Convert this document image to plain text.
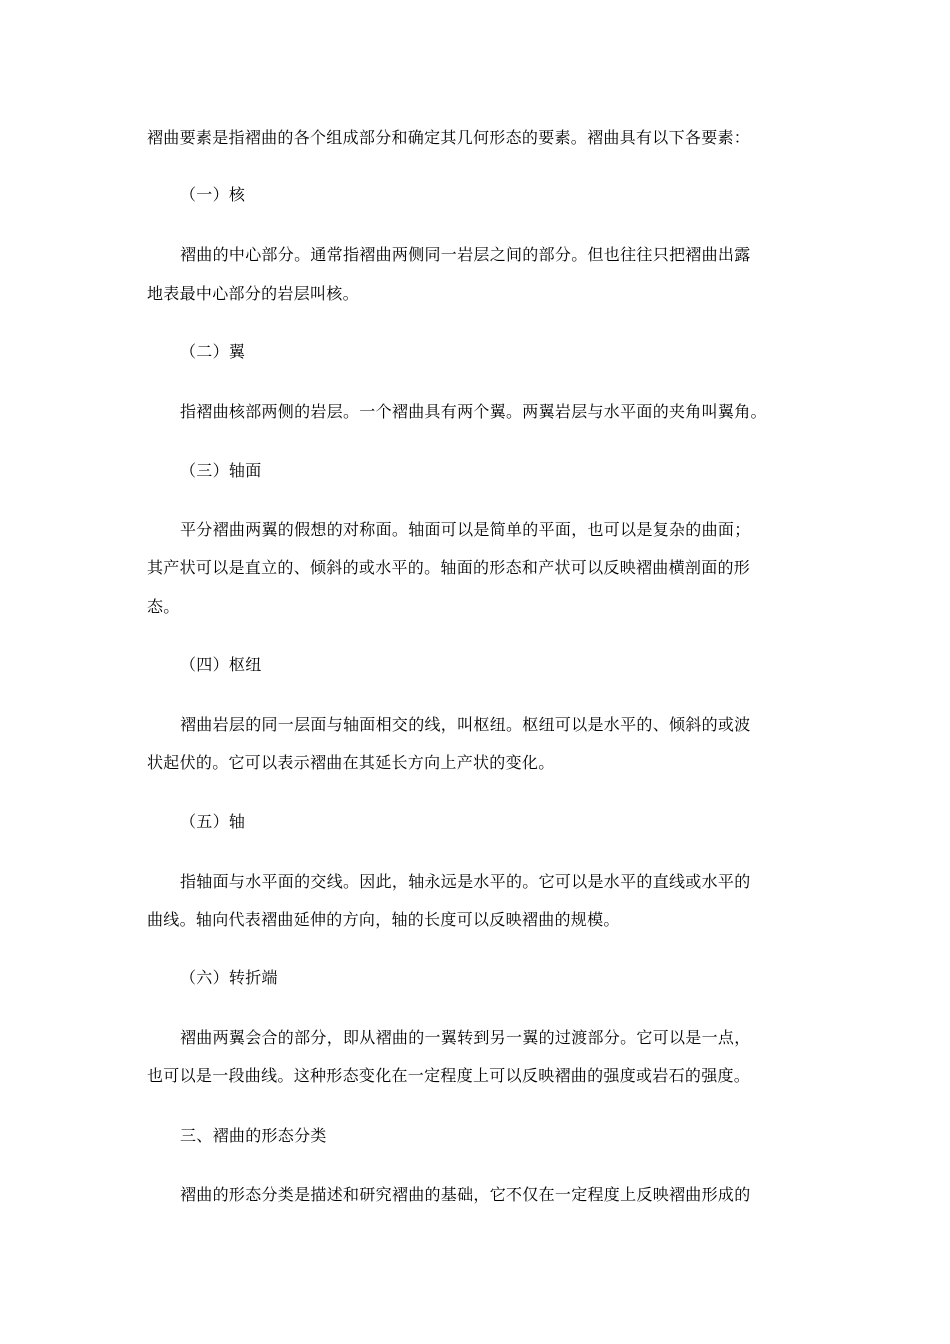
褶曲要素是指褶曲的各个组成部分和确定其几何形态的要素。褶曲具有以下各要素：

（一）核

褶曲的中心部分。通常指褶曲两侧同一岩层之间的部分。但也往往只把褶曲出露

地表最中心部分的岩层叫核。

（二）翼

指褶曲核部两侧的岩层。一个褶曲具有两个翼。两翼岩层与水平面的夹角叫翼角。

（三）轴面

平分褶曲两翼的假想的对称面。轴面可以是简单的平面，也可以是复杂的曲面；

其产状可以是直立的、倾斜的或水平的。轴面的形态和产状可以反映褶曲横剖面的形

态。

（四）枢纽

褶曲岩层的同一层面与轴面相交的线，叫枢纽。枢纽可以是水平的、倾斜的或波

状起伏的。它可以表示褶曲在其延长方向上产状的变化。

（五）轴

指轴面与水平面的交线。因此，轴永远是水平的。它可以是水平的直线或水平的

曲线。轴向代表褶曲延伸的方向，轴的长度可以反映褶曲的规模。

（六）转折端

褶曲两翼会合的部分，即从褶曲的一翼转到另一翼的过渡部分。它可以是一点，

也可以是一段曲线。这种形态变化在一定程度上可以反映褶曲的强度或岩石的强度。

三、褶曲的形态分类

褶曲的形态分类是描述和研究褶曲的基础，它不仅在一定程度上反映褶曲形成的
